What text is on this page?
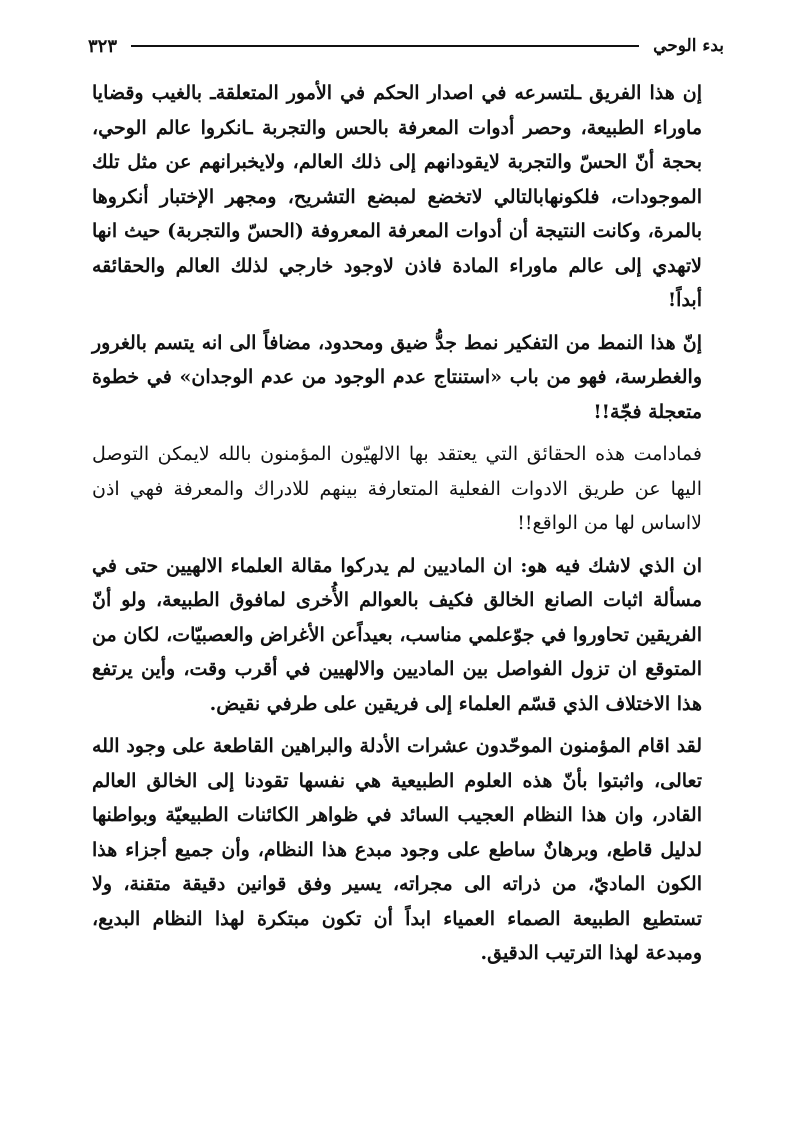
بدء الوحي
٣٢٣

إن هذا الفريق ـلتسرعه في اصدار الحكم في الأمور المتعلقةـ بالغيب وقضايا ماوراء الطبيعة، وحصر أدوات المعرفة بالحس والتجربة ـانكروا عالم الوحي، بحجة أنّ الحسّ والتجربة لايقودانهم إلى ذلك العالم، ولايخبرانهم عن مثل تلك الموجودات، فلكونهابالتالي لاتخضع لمبضع التشريح، ومجهر الإختبار أنكروها بالمرة، وكانت النتيجة أن أدوات المعرفة المعروفة (الحسّ والتجربة) حيث انها لاتهدي إلى عالم ماوراء المادة فاذن لاوجود خارجي لذلك العالم والحقائقه أبداً!

إنّ هذا النمط من التفكير نمط جدُّ ضيق ومحدود، مضافاً الى انه يتسم بالغرور والغطرسة، فهو من باب «استنتاج عدم الوجود من عدم الوجدان» في خطوة متعجلة فجّة!!

فمادامت هذه الحقائق التي يعتقد بها الالهيّون المؤمنون بالله لايمكن التوصل اليها عن طريق الادوات الفعلية المتعارفة بينهم للادراك والمعرفة فهي اذن لااساس لها من الواقع!!

ان الذي لاشك فيه هو: ان الماديين لم يدركوا مقالة العلماء الالهيين حتى في مسألة اثبات الصانع الخالق فكيف بالعوالم الأُخرى لمافوق الطبيعة، ولو أنّ الفريقين تحاوروا في جوّعلمي مناسب، بعيداًعن الأغراض والعصبيّات، لكان من المتوقع ان تزول الفواصل بين الماديين والالهيين في أقرب وقت، وأين يرتفع هذا الاختلاف الذي قسّم العلماء إلى فريقين على طرفي نقيض.

لقد اقام المؤمنون الموحّدون عشرات الأدلة والبراهين القاطعة على وجود الله تعالى، واثبتوا بأنّ هذه العلوم الطبيعية هي نفسها تقودنا إلى الخالق العالم القادر، وان هذا النظام العجيب السائد في ظواهر الكائنات الطبيعيّة وبواطنها لدليل قاطع، وبرهانٌ ساطع على وجود مبدع هذا النظام، وأن جميع أجزاء هذا الكون الماديّ، من ذراته الى مجراته، يسير وفق قوانين دقيقة متقنة، ولا تستطيع الطبيعة الصماء العمياء ابداً أن تكون مبتكرة لهذا النظام البديع، ومبدعة لهذا الترتيب الدقيق.
